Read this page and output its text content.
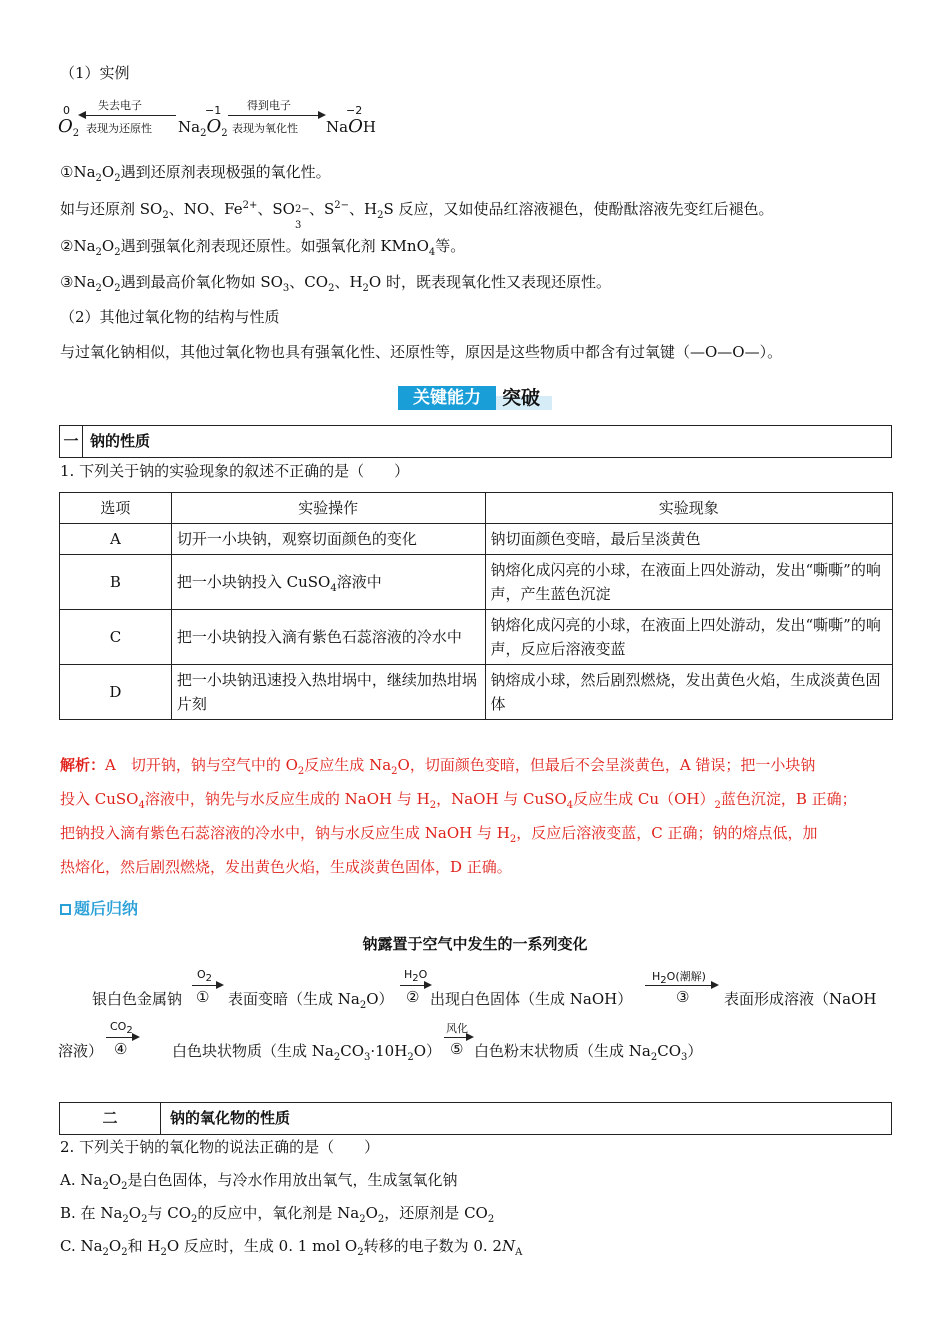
（1）实例
0	−1	−2
失去电子
表现为还原性
得到电子
表现为氧化性
$O_2$	$Na_2O_2$	NaOH
$①Na_2O_2$遇到还原剂表现极强的氧化性。
如与还原剂 $SO_2$、NO、$Fe^{2+}$、SO 2−
3
、$S^{2-}$、$H_2S$ 反应，又如使品红溶液褪色，使酚酞溶液先变红后褪色。
$②Na_2O_2$遇到强氧化剂表现还原性。如强氧化剂 KMnO$_4$等。
$③Na_2O_2$遇到最高价氧化物如 $SO_3$、$CO_2$、$H_2O$ 时，既表现氧化性又表现还原性。
（2）其他过氧化物的结构与性质
与过氧化钠相似，其他过氧化物也具有强氧化性、还原性等，原因是这些物质中都含有过氧键（—O—O—）。
关键能力	突破
一 钠的性质
1. 下列关于钠的实验现象的叙述不正确的是（　　）
选项	实验操作	实验现象
A	切开一小块钠，观察切面颜色的变化	钠切面颜色变暗，最后呈淡黄色
B	把一小块钠投入 CuSO$_4$溶液中	钠熔化成闪亮的小球，在液面上四处游动，发出“嘶嘶”的响声，产生蓝色沉淀
C	把一小块钠投入滴有紫色石蕊溶液的冷水中	钠熔化成闪亮的小球，在液面上四处游动，发出“嘶嘶”的响声，反应后溶液变蓝
D	把一小块钠迅速投入热坩埚中，继续加热坩埚片刻	钠熔成小球，然后剧烈燃烧，发出黄色火焰，生成淡黄色固体
解析：A　切开钠，钠与空气中的 $O_2$反应生成 $Na_2O$，切面颜色变暗，但最后不会呈淡黄色，A 错误；把一小块钠
投入 CuSO$_4$溶液中，钠先与水反应生成的 NaOH 与 $H_2$，NaOH 与 CuSO$_4$反应生成 $Cu(OH)_2$蓝色沉淀，B 正确；
把钠投入滴有紫色石蕊溶液的冷水中，钠与水反应生成 NaOH 与 $H_2$，反应后溶液变蓝，C 正确；钠的熔点低，加
热熔化，然后剧烈燃烧，发出黄色火焰，生成淡黄色固体，D 正确。
题后归纳
钠露置于空气中发生的一系列变化
银白色金属钠
$O_2$
① 表面变暗（生成 $Na_2O$）
$H_2O$
② 出现白色固体（生成 NaOH）
$H_2O$(潮解)
③ 表面形成溶液（NaOH
溶液）
$CO_2$
④	白色块状物质（生成 $Na_2CO_3\cdot 10H_2O$）
风化
⑤ 白色粉末状物质（生成 $Na_2CO_3$）
二	钠的氧化物的性质
2. 下列关于钠的氧化物的说法正确的是（　　）
A. $Na_2O_2$是白色固体，与冷水作用放出氧气，生成氢氧化钠
B. 在 $Na_2O_2$与 $CO_2$的反应中，氧化剂是 $Na_2O_2$，还原剂是 $CO_2$
C. $Na_2O_2$和 $H_2O$ 反应时，生成 0. 1 mol $O_2$转移的电子数为 0. $2N_A$
